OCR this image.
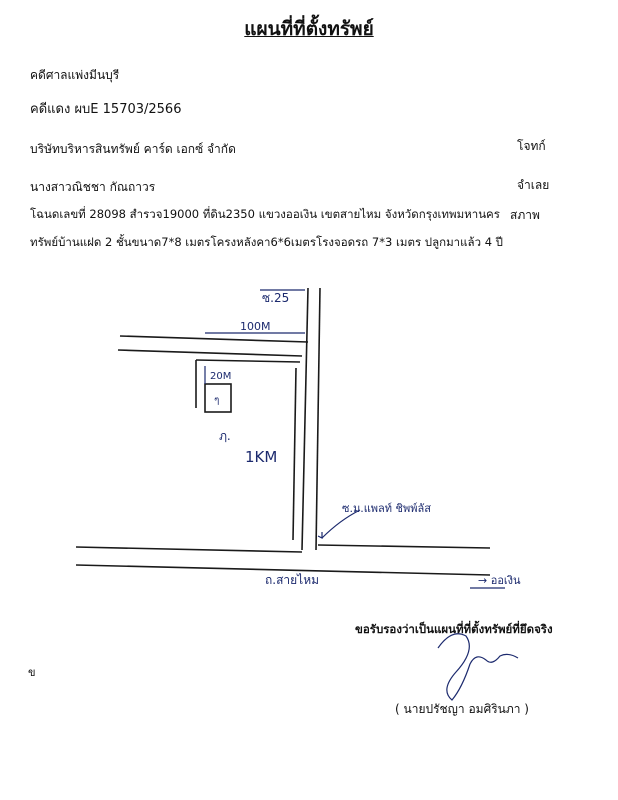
แผนที่ที่ตั้งทรัพย์
คดีศาลแพ่งมีนบุรี
คดีแดง ผบE 15703/2566
บริษัทบริหารสินทรัพย์ คาร์ด เอกซ์ จำกัด	โจทก์
นางสาวณิชชา กัณถาวร	จำเลย
โฉนดเลขที่ 28098 สำรวจ19000 ที่ดิน2350 แขวงออเงิน เขตสายไหม จังหวัดกรุงเทพมหานคร สภาพ
ทรัพย์บ้านแฝด 2 ชั้นขนาด7*8 เมตรโครงหลังคา6*6เมตรโรงจอดรถ 7*3 เมตร ปลูกมาแล้ว 4 ปี
ซ.25
100M
20M
ๆ
ฦ.
1KM
ซ.ม.แพลท์ ชิพพ์ลัส
ถ.สายไหม	→ ออเงิน
ขอรับรองว่าเป็นแผนที่ที่ตั้งทรัพย์ที่ยึดจริง
ข
( นายปรัชญา อมศิรินภา )
